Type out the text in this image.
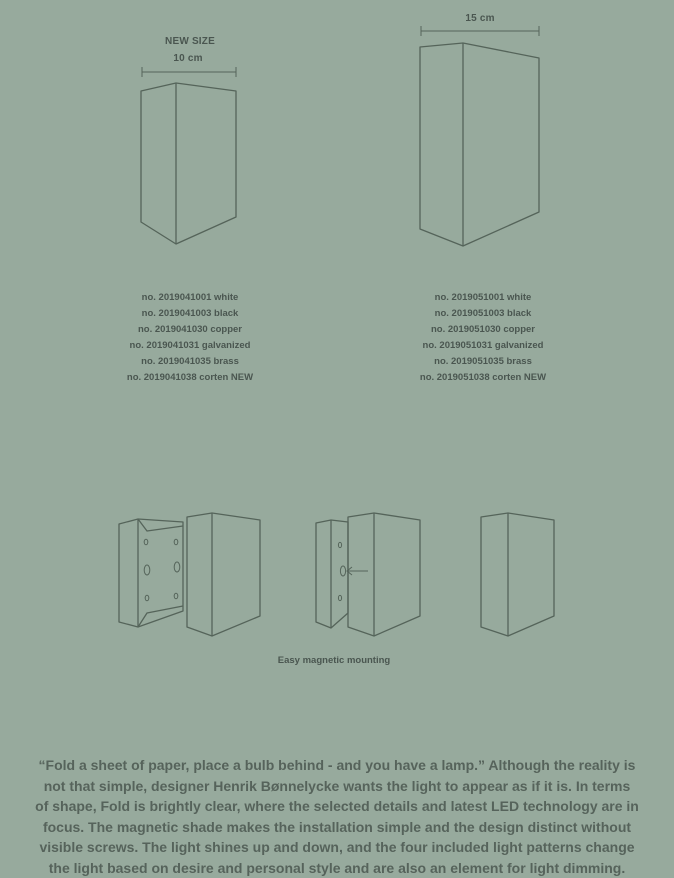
NEW SIZE
10 cm
no. 2019041001 white
no. 2019041003 black
no. 2019041030 copper
no. 2019041031 galvanized
no. 2019041035 brass
no. 2019041038 corten NEW
15 cm
no. 2019051001 white
no. 2019051003 black
no. 2019051030 copper
no. 2019051031 galvanized
no. 2019051035 brass
no. 2019051038 corten NEW
Easy magnetic mounting

“Fold a sheet of paper, place a bulb behind - and you have a lamp.” Although the reality is

not that simple, designer Henrik Bønnelycke wants the light to appear as if it is. In terms

of shape, Fold is brightly clear, where the selected details and latest LED technology are in

focus. The magnetic shade makes the installation simple and the design distinct without

visible screws. The light shines up and down, and the four included light patterns change

the light based on desire and personal style and are also an element for light dimming.
